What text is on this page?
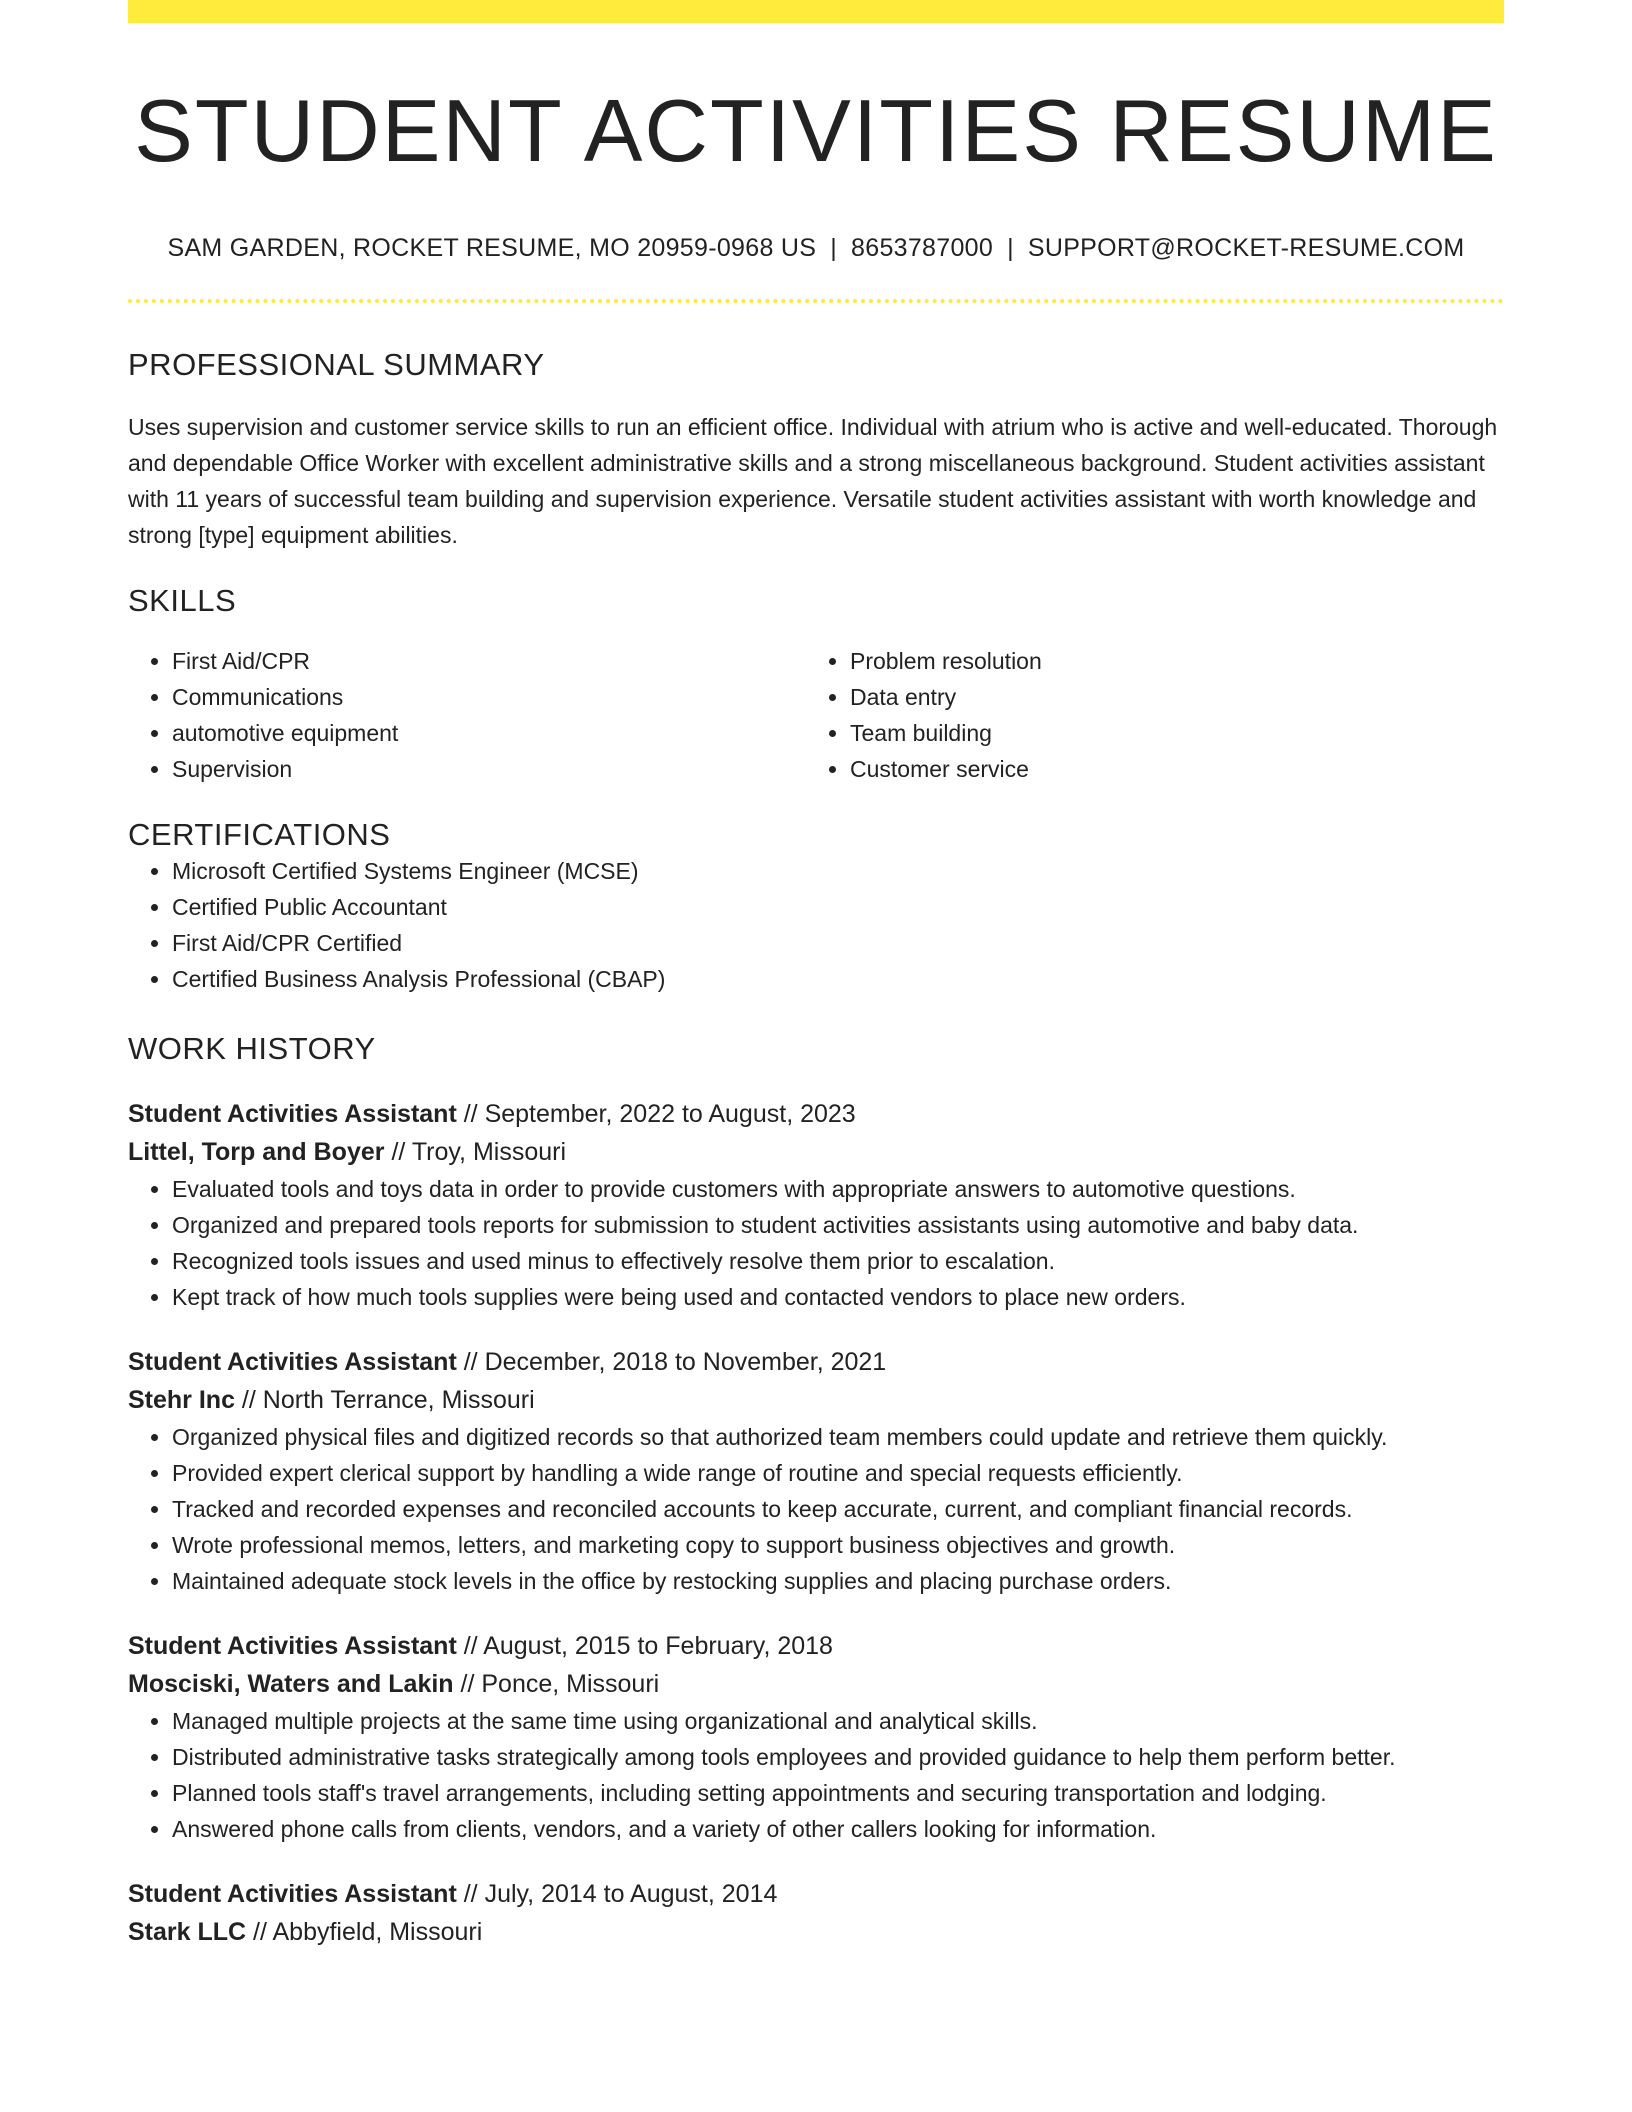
STUDENT ACTIVITIES RESUME
SAM GARDEN, ROCKET RESUME, MO 20959-0968 US | 8653787000 | SUPPORT@ROCKET-RESUME.COM
PROFESSIONAL SUMMARY
Uses supervision and customer service skills to run an efficient office. Individual with atrium who is active and well-educated. Thorough and dependable Office Worker with excellent administrative skills and a strong miscellaneous background. Student activities assistant with 11 years of successful team building and supervision experience. Versatile student activities assistant with worth knowledge and strong [type] equipment abilities.
SKILLS
• First Aid/CPR
• Communications
• automotive equipment
• Supervision
• Problem resolution
• Data entry
• Team building
• Customer service
CERTIFICATIONS
• Microsoft Certified Systems Engineer (MCSE)
• Certified Public Accountant
• First Aid/CPR Certified
• Certified Business Analysis Professional (CBAP)
WORK HISTORY
Student Activities Assistant // September, 2022 to August, 2023
Littel, Torp and Boyer // Troy, Missouri
• Evaluated tools and toys data in order to provide customers with appropriate answers to automotive questions.
• Organized and prepared tools reports for submission to student activities assistants using automotive and baby data.
• Recognized tools issues and used minus to effectively resolve them prior to escalation.
• Kept track of how much tools supplies were being used and contacted vendors to place new orders.
Student Activities Assistant // December, 2018 to November, 2021
Stehr Inc // North Terrance, Missouri
• Organized physical files and digitized records so that authorized team members could update and retrieve them quickly.
• Provided expert clerical support by handling a wide range of routine and special requests efficiently.
• Tracked and recorded expenses and reconciled accounts to keep accurate, current, and compliant financial records.
• Wrote professional memos, letters, and marketing copy to support business objectives and growth.
• Maintained adequate stock levels in the office by restocking supplies and placing purchase orders.
Student Activities Assistant // August, 2015 to February, 2018
Mosciski, Waters and Lakin // Ponce, Missouri
• Managed multiple projects at the same time using organizational and analytical skills.
• Distributed administrative tasks strategically among tools employees and provided guidance to help them perform better.
• Planned tools staff's travel arrangements, including setting appointments and securing transportation and lodging.
• Answered phone calls from clients, vendors, and a variety of other callers looking for information.
Student Activities Assistant // July, 2014 to August, 2014
Stark LLC // Abbyfield, Missouri
